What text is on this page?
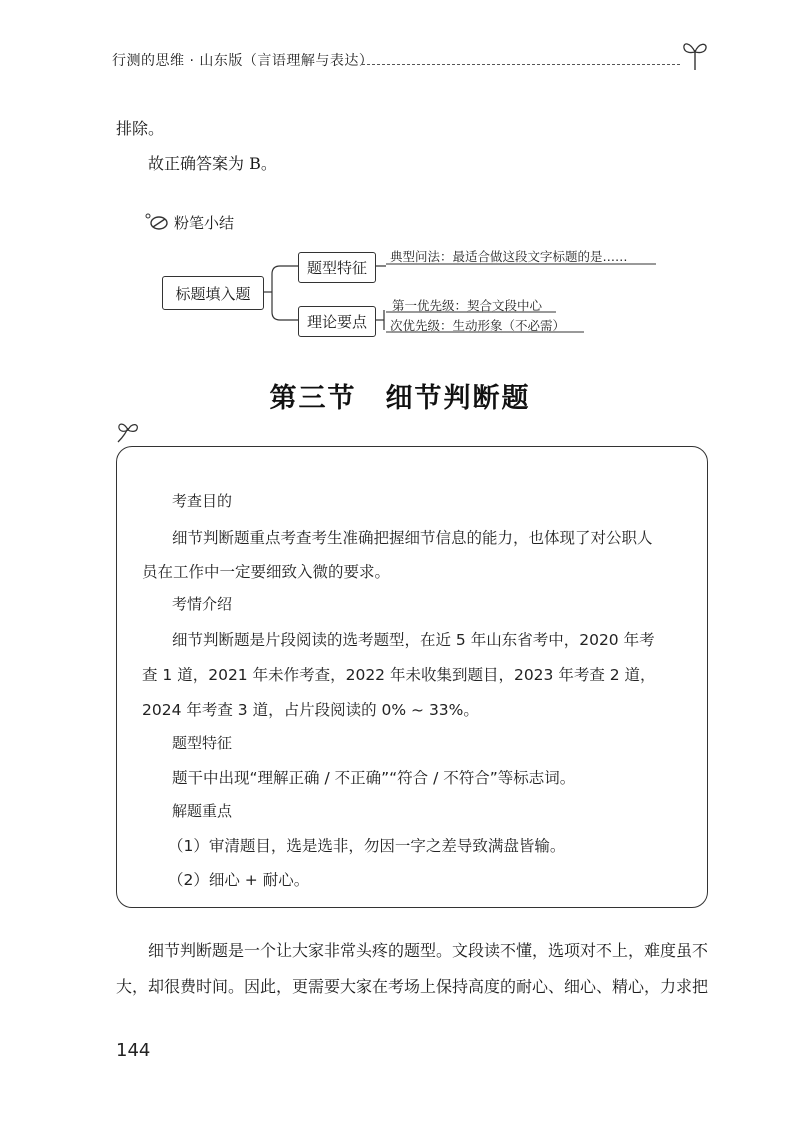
行测的思维 · 山东版（言语理解与表达）
排除。
故正确答案为 B。
粉笔小结
标题填入题
题型特征
理论要点
典型问法：最适合做这段文字标题的是……
第一优先级：契合文段中心
次优先级：生动形象（不必需）
第三节　细节判断题
考查目的
细节判断题重点考查考生准确把握细节信息的能力，也体现了对公职人
员在工作中一定要细致入微的要求。
考情介绍
细节判断题是片段阅读的选考题型，在近 5 年山东省考中，2020 年考
查 1 道，2021 年未作考查，2022 年未收集到题目，2023 年考查 2 道，
2024 年考查 3 道，占片段阅读的 0% ~ 33%。
题型特征
题干中出现“理解正确 / 不正确”“符合 / 不符合”等标志词。
解题重点
（1）审清题目，选是选非，勿因一字之差导致满盘皆输。
（2）细心 + 耐心。
细节判断题是一个让大家非常头疼的题型。文段读不懂，选项对不上，难度虽不
大，却很费时间。因此，更需要大家在考场上保持高度的耐心、细心、精心，力求把
144
